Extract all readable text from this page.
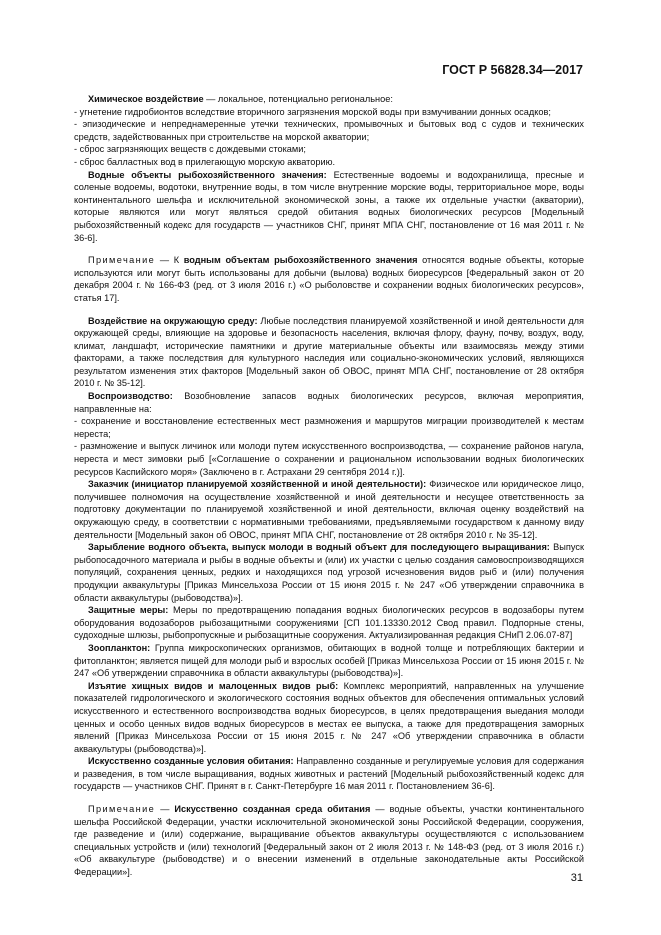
ГОСТ Р 56828.34—2017
Химическое воздействие — локальное, потенциально региональное:
- угнетение гидробионтов вследствие вторичного загрязнения морской воды при взмучивании донных осадков;
- эпизодические и непреднамеренные утечки технических, промывочных и бытовых вод с судов и технических средств, задействованных при строительстве на морской акватории;
- сброс загрязняющих веществ с дождевыми стоками;
- сброс балластных вод в прилегающую морскую акваторию.
Водные объекты рыбохозяйственного значения: Естественные водоемы и водохранилища, пресные и соленые водоемы, водотоки, внутренние воды, в том числе внутренние морские воды, территориальное море, воды континентального шельфа и исключительной экономической зоны, а также их отдельные участки (акватории), которые являются или могут являться средой обитания водных биологических ресурсов [Модельный рыбохозяйственный кодекс для государств — участников СНГ, принят МПА СНГ, постановление от 16 мая 2011 г. № 36-6].
Примечание — К водным объектам рыбохозяйственного значения относятся водные объекты, которые используются или могут быть использованы для добычи (вылова) водных биоресурсов [Федеральный закон от 20 декабря 2004 г. № 166-ФЗ (ред. от 3 июля 2016 г.) «О рыболовстве и сохранении водных биологических ресурсов», статья 17].
Воздействие на окружающую среду: Любые последствия планируемой хозяйственной и иной деятельности для окружающей среды, влияющие на здоровье и безопасность населения, включая флору, фауну, почву, воздух, воду, климат, ландшафт, исторические памятники и другие материальные объекты или взаимосвязь между этими факторами, а также последствия для культурного наследия или социально-экономических условий, являющихся результатом изменения этих факторов [Модельный закон об ОВОС, принят МПА СНГ, постановление от 28 октября 2010 г. № 35-12].
Воспроизводство: Возобновление запасов водных биологических ресурсов, включая мероприятия, направленные на:
- сохранение и восстановление естественных мест размножения и маршрутов миграции производителей к местам нереста;
- размножение и выпуск личинок или молоди путем искусственного воспроизводства, — сохранение районов нагула, нереста и мест зимовки рыб [«Соглашение о сохранении и рациональном использовании водных биологических ресурсов Каспийского моря» (Заключено в г. Астрахани 29 сентября 2014 г.)].
Заказчик (инициатор планируемой хозяйственной и иной деятельности): Физическое или юридическое лицо, получившее полномочия на осуществление хозяйственной и иной деятельности и несущее ответственность за подготовку документации по планируемой хозяйственной и иной деятельности, включая оценку воздействий на окружающую среду, в соответствии с нормативными требованиями, предъявляемыми государством к данному виду деятельности [Модельный закон об ОВОС, принят МПА СНГ, постановление от 28 октября 2010 г. № 35-12].
Зарыбление водного объекта, выпуск молоди в водный объект для последующего выращивания: Выпуск рыбопосадочного материала и рыбы в водные объекты и (или) их участки с целью создания самовоспроизводящихся популяций, сохранения ценных, редких и находящихся под угрозой исчезновения видов рыб и (или) получения продукции аквакультуры [Приказ Минсельхоза России от 15 июня 2015 г. № 247 «Об утверждении справочника в области аквакультуры (рыбоводства)»].
Защитные меры: Меры по предотвращению попадания водных биологических ресурсов в водозаборы путем оборудования водозаборов рыбозащитными сооружениями [СП 101.13330.2012 Свод правил. Подпорные стены, судоходные шлюзы, рыбопропускные и рыбозащитные сооружения. Актуализированная редакция СНиП 2.06.07-87]
Зоопланктон: Группа микроскопических организмов, обитающих в водной толще и потребляющих бактерии и фитопланктон; является пищей для молоди рыб и взрослых особей [Приказ Минсельхоза России от 15 июня 2015 г. № 247 «Об утверждении справочника в области аквакультуры (рыбоводства)»].
Изъятие хищных видов и малоценных видов рыб: Комплекс мероприятий, направленных на улучшение показателей гидрологического и экологического состояния водных объектов для обеспечения оптимальных условий искусственного и естественного воспроизводства водных биоресурсов, в целях предотвращения выедания молоди ценных и особо ценных видов водных биоресурсов в местах ее выпуска, а также для предотвращения заморных явлений [Приказ Минсельхоза России от 15 июня 2015 г. № 247 «Об утверждении справочника в области аквакультуры (рыбоводства)»].
Искусственно созданные условия обитания: Направленно созданные и регулируемые условия для содержания и разведения, в том числе выращивания, водных животных и растений [Модельный рыбохозяйственный кодекс для государств — участников СНГ. Принят в г. Санкт-Петербурге 16 мая 2011 г. Постановлением 36-6].
Примечание — Искусственно созданная среда обитания — водные объекты, участки континентального шельфа Российской Федерации, участки исключительной экономической зоны Российской Федерации, сооружения, где разведение и (или) содержание, выращивание объектов аквакультуры осуществляются с использованием специальных устройств и (или) технологий [Федеральный закон от 2 июля 2013 г. № 148-ФЗ (ред. от 3 июля 2016 г.) «Об аквакультуре (рыбоводстве) и о внесении изменений в отдельные законодательные акты Российской Федерации»].	31
